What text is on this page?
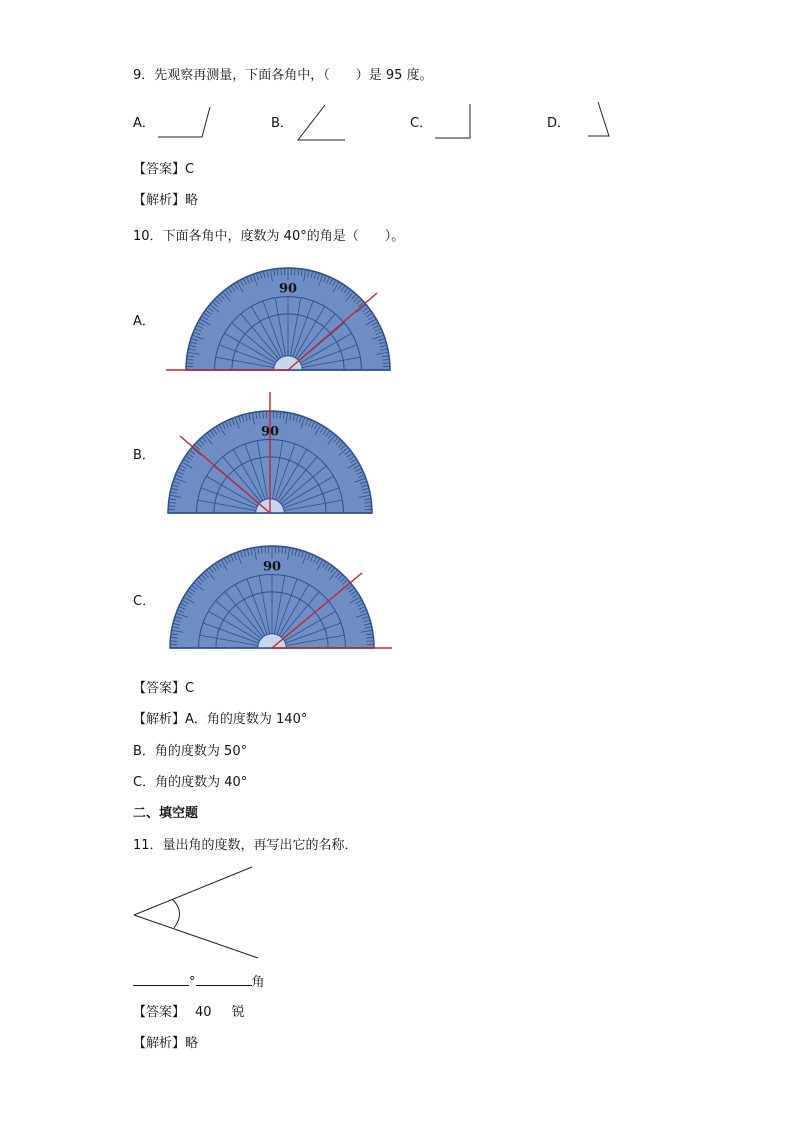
9．先观察再测量，下面各角中，（　　）是 95 度。
A．	B．	C．	D．
【答案】C
【解析】略
10．下面各角中，度数为 40°的角是（　　）。
A．
B．
C．
90
90
90
【答案】C
【解析】A．角的度数为 140°
B．角的度数为 50°
C．角的度数为 40°
二、填空题
11．量出角的度数，再写出它的名称．
°	角
【答案】 40 锐
【解析】略
